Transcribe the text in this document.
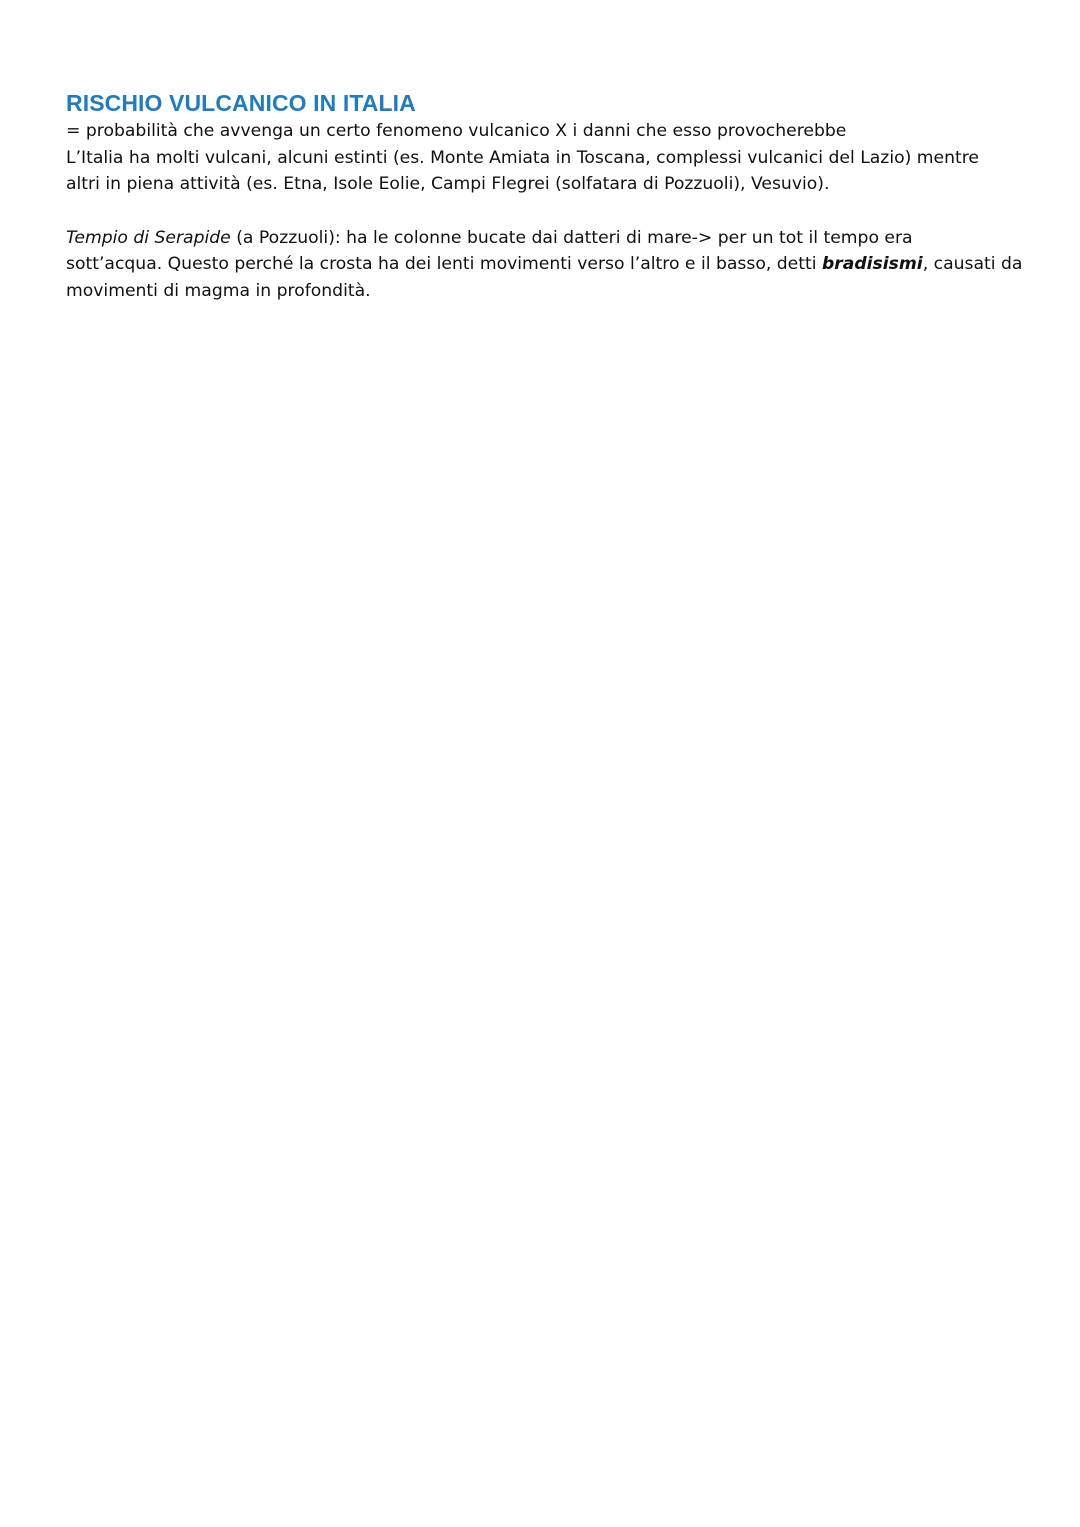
RISCHIO VULCANICO IN ITALIA

= probabilità che avvenga un certo fenomeno vulcanico X i danni che esso provocherebbe

L’Italia ha molti vulcani, alcuni estinti (es. Monte Amiata in Toscana, complessi vulcanici del Lazio) mentre

altri in piena attività (es. Etna, Isole Eolie, Campi Flegrei (solfatara di Pozzuoli), Vesuvio).

Tempio di Serapide (a Pozzuoli): ha le colonne bucate dai datteri di mare-> per un tot il tempo era

sott’acqua. Questo perché la crosta ha dei lenti movimenti verso l’altro e il basso, detti bradisismi, causati da

movimenti di magma in profondità.
